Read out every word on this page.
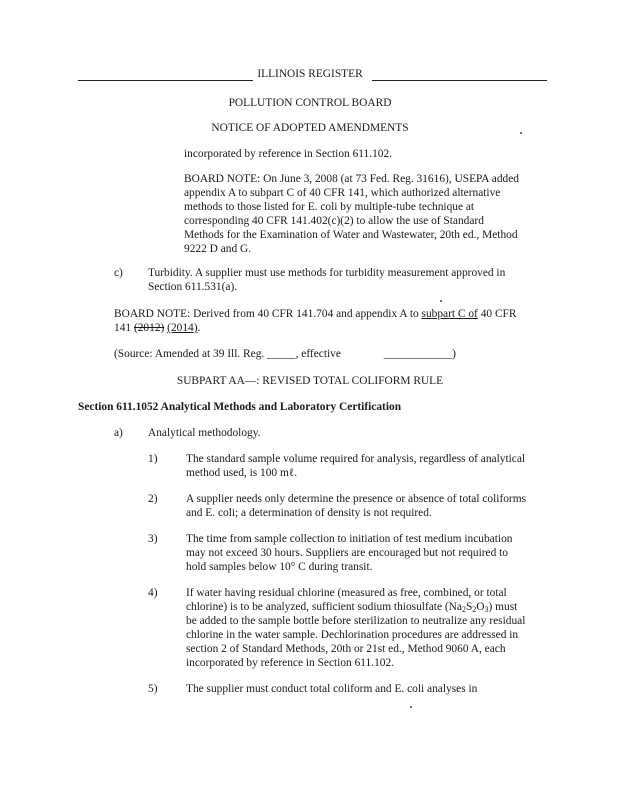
ILLINOIS REGISTER
POLLUTION CONTROL BOARD
NOTICE OF ADOPTED AMENDMENTS
incorporated by reference in Section 611.102.
BOARD NOTE: On June 3, 2008 (at 73 Fed. Reg. 31616), USEPA added
appendix A to subpart C of 40 CFR 141, which authorized alternative
methods to those listed for E. coli by multiple-tube technique at
corresponding 40 CFR 141.402(c)(2) to allow the use of Standard
Methods for the Examination of Water and Wastewater, 20th ed., Method
9222 D and G.
c) Turbidity. A supplier must use methods for turbidity measurement approved in
Section 611.531(a).
BOARD NOTE: Derived from 40 CFR 141.704 and appendix A to subpart C of 40 CFR
141 (2012) (2014).
(Source: Amended at 39 Ill. Reg. _____, effective	____________)
SUBPART AA—: REVISED TOTAL COLIFORM RULE
Section 611.1052 Analytical Methods and Laboratory Certification
a) Analytical methodology.
1)	The standard sample volume required for analysis, regardless of analytical
method used, is 100 mℓ.
2)	A supplier needs only determine the presence or absence of total coliforms
and E. coli; a determination of density is not required.
3)	The time from sample collection to initiation of test medium incubation
may not exceed 30 hours. Suppliers are encouraged but not required to
hold samples below 10° C during transit.
4)	If water having residual chlorine (measured as free, combined, or total
chlorine) is to be analyzed, sufficient sodium thiosulfate $(Na_2S_2O_3)$ must
be added to the sample bottle before sterilization to neutralize any residual
chlorine in the water sample. Dechlorination procedures are addressed in
section 2 of Standard Methods, 20th or 21st ed., Method 9060 A, each
incorporated by reference in Section 611.102.
5)	The supplier must conduct total coliform and E. coli analyses in
